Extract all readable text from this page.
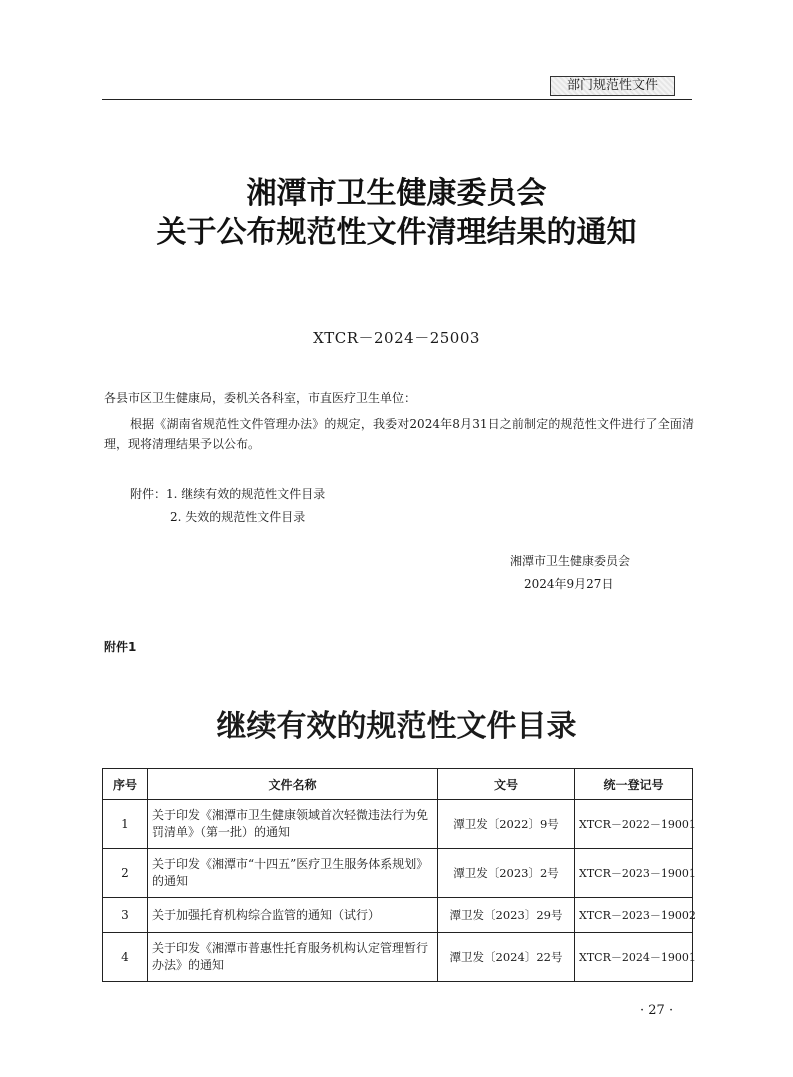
部门规范性文件
湘潭市卫生健康委员会
关于公布规范性文件清理结果的通知
XTCR－2024－25003
各县市区卫生健康局，委机关各科室，市直医疗卫生单位：
根据《湖南省规范性文件管理办法》的规定，我委对2024年8月31日之前制定的规范性文件进行了全面清理，现将清理结果予以公布。
附件：1. 继续有效的规范性文件目录
2. 失效的规范性文件目录
湘潭市卫生健康委员会
2024年9月27日
附件1
继续有效的规范性文件目录
序号	文件名称	文号	统一登记号
1	关于印发《湘潭市卫生健康领域首次轻微违法行为免罚清单》（第一批）的通知	潭卫发〔2022〕9号	XTCR－2022－19001
2	关于印发《湘潭市“十四五”医疗卫生服务体系规划》的通知	潭卫发〔2023〕2号	XTCR－2023－19001
3	关于加强托育机构综合监管的通知（试行）	潭卫发〔2023〕29号	XTCR－2023－19002
4	关于印发《湘潭市普惠性托育服务机构认定管理暂行办法》的通知	潭卫发〔2024〕22号	XTCR－2024－19001
· 27 ·
